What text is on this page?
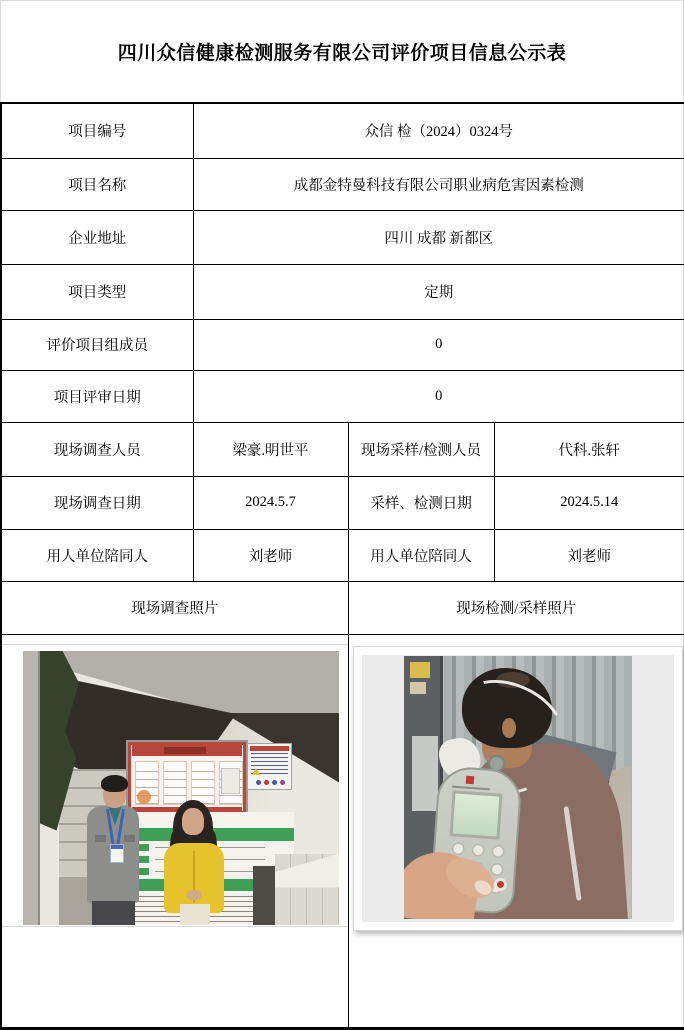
四川众信健康检测服务有限公司评价项目信息公示表
项目编号	众信 检（2024）0324号		
项目名称	成都金特曼科技有限公司职业病危害因素检测		
企业地址	四川 成都 新都区		
项目类型	定期		
评价项目组成员	0		
项目评审日期	0		
现场调查人员	梁豪.明世平	现场采样/检测人员	代科.张轩
现场调查日期	2024.5.7	采样、检测日期	2024.5.14
用人单位陪同人	刘老师	用人单位陪同人	刘老师
现场调查照片		现场检测/采样照片	
